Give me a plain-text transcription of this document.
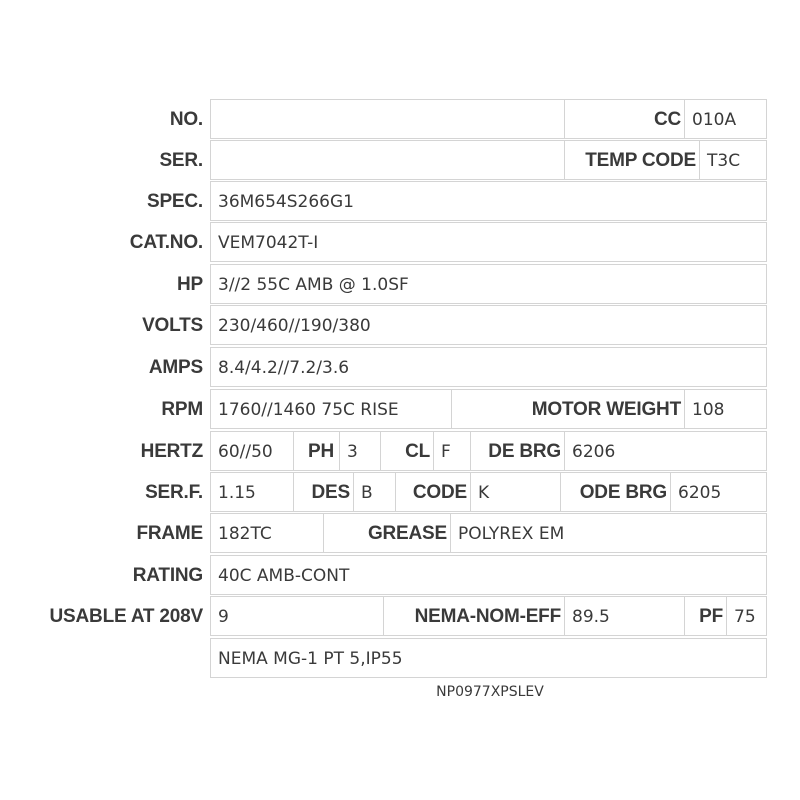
NO.	CC 010A
SER.	TEMP CODE T3C
SPEC. 36M654S266G1
CAT.NO. VEM7042T-I
HP 3//2 55C AMB @ 1.0SF
VOLTS 230/460//190/380
AMPS 8.4/4.2//7.2/3.6
RPM 1760//1460 75C RISE	MOTOR WEIGHT 108
HERTZ 60//50	PH 3	CL F	DE BRG 6206
SER.F. 1.15	DES B	CODE K	ODE BRG 6205
FRAME 182TC	GREASE POLYREX EM
RATING 40C AMB-CONT
USABLE AT 208V 9	NEMA-NOM-EFF 89.5	PF 75
NEMA MG-1 PT 5,IP55
NP0977XPSLEV
